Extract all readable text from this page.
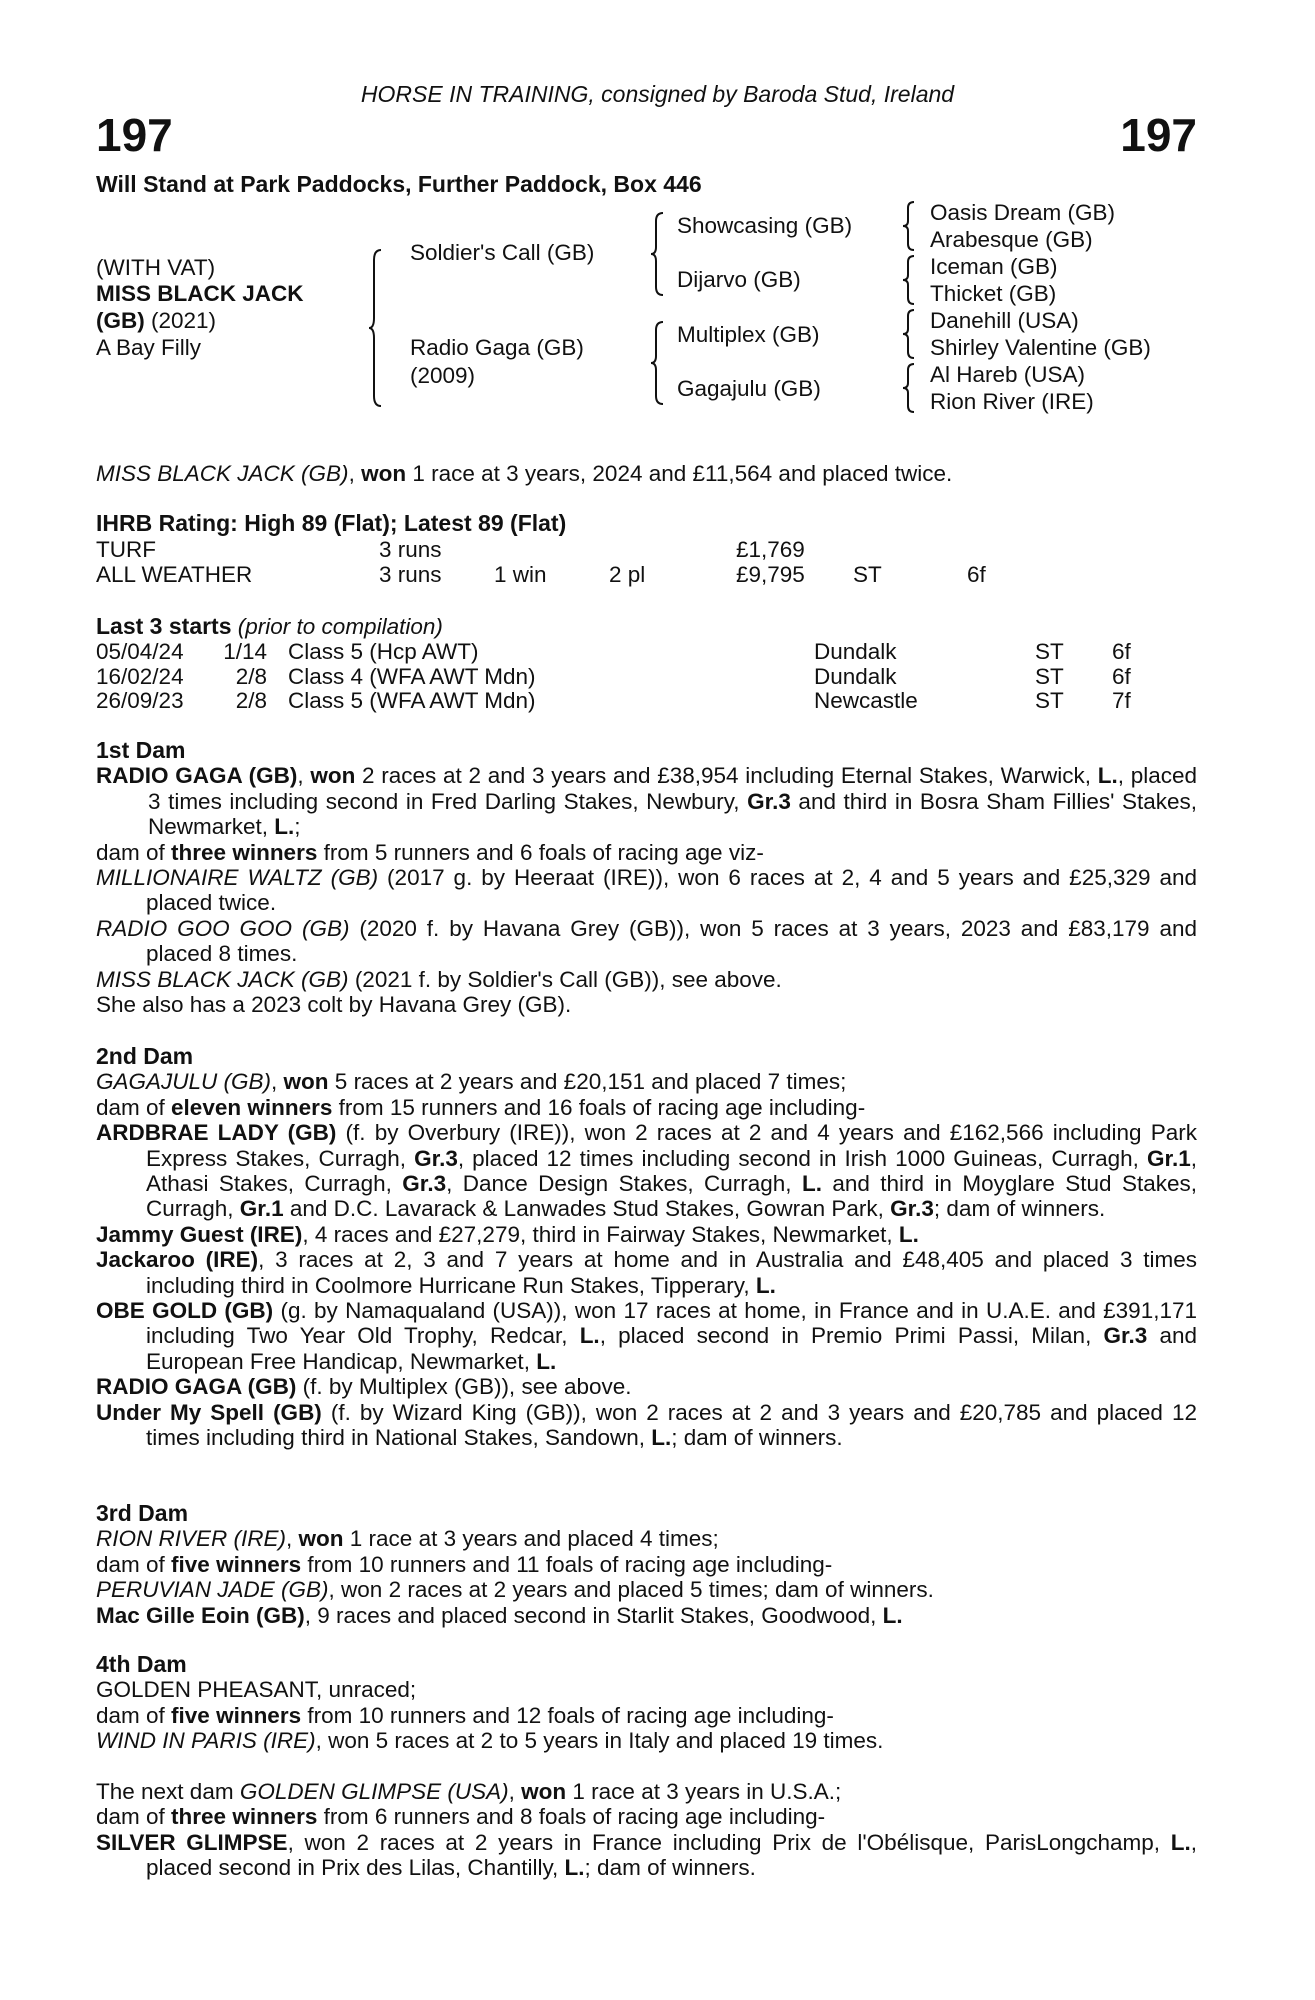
HORSE IN TRAINING, consigned by Baroda Stud, Ireland
197	197
Will Stand at Park Paddocks, Further Paddock, Box 446
(WITH VAT)
MISS BLACK JACK
(GB) (2021)
A Bay Filly
Soldier's Call (GB)
Radio Gaga (GB)
(2009)
Showcasing (GB)
Dijarvo (GB)
Multiplex (GB)
Gagajulu (GB)
Oasis Dream (GB)
Arabesque (GB)
Iceman (GB)
Thicket (GB)
Danehill (USA)
Shirley Valentine (GB)
Al Hareb (USA)
Rion River (IRE)

MISS BLACK JACK (GB), won 1 race at 3 years, 2024 and £11,564 and placed twice.

IHRB Rating: High 89 (Flat); Latest 89 (Flat)
TURF	3 runs	£1,769
ALL WEATHER	3 runs 1 win	2 pl	£9,795 ST	6f
Last 3 starts (prior to compilation)
05/04/24 1/14 Class 5 (Hcp AWT)	Dundalk	ST 6f
16/02/24 2/8 Class 4 (WFA AWT Mdn)	Dundalk	ST 6f
26/09/23 2/8 Class 5 (WFA AWT Mdn)	Newcastle	ST 7f

1st Dam

RADIO GAGA (GB), won 2 races at 2 and 3 years and £38,954 including Eternal Stakes, Warwick, L., placed 3 times including second in Fred Darling Stakes, Newbury, Gr.3 and third in Bosra Sham Fillies' Stakes, Newmarket, L.;

dam of three winners from 5 runners and 6 foals of racing age viz-

MILLIONAIRE WALTZ (GB) (2017 g. by Heeraat (IRE)), won 6 races at 2, 4 and 5 years and £25,329 and placed twice.

RADIO GOO GOO (GB) (2020 f. by Havana Grey (GB)), won 5 races at 3 years, 2023 and £83,179 and placed 8 times.

MISS BLACK JACK (GB) (2021 f. by Soldier's Call (GB)), see above.

She also has a 2023 colt by Havana Grey (GB).

2nd Dam

GAGAJULU (GB), won 5 races at 2 years and £20,151 and placed 7 times;

dam of eleven winners from 15 runners and 16 foals of racing age including-

ARDBRAE LADY (GB) (f. by Overbury (IRE)), won 2 races at 2 and 4 years and £162,566 including Park Express Stakes, Curragh, Gr.3, placed 12 times including second in Irish 1000 Guineas, Curragh, Gr.1, Athasi Stakes, Curragh, Gr.3, Dance Design Stakes, Curragh, L. and third in Moyglare Stud Stakes, Curragh, Gr.1 and D.C. Lavarack & Lanwades Stud Stakes, Gowran Park, Gr.3; dam of winners.

Jammy Guest (IRE), 4 races and £27,279, third in Fairway Stakes, Newmarket, L.

Jackaroo (IRE), 3 races at 2, 3 and 7 years at home and in Australia and £48,405 and placed 3 times including third in Coolmore Hurricane Run Stakes, Tipperary, L.

OBE GOLD (GB) (g. by Namaqualand (USA)), won 17 races at home, in France and in U.A.E. and £391,171 including Two Year Old Trophy, Redcar, L., placed second in Premio Primi Passi, Milan, Gr.3 and European Free Handicap, Newmarket, L.

RADIO GAGA (GB) (f. by Multiplex (GB)), see above.

Under My Spell (GB) (f. by Wizard King (GB)), won 2 races at 2 and 3 years and £20,785 and placed 12 times including third in National Stakes, Sandown, L.; dam of winners.

3rd Dam

RION RIVER (IRE), won 1 race at 3 years and placed 4 times;

dam of five winners from 10 runners and 11 foals of racing age including-

PERUVIAN JADE (GB), won 2 races at 2 years and placed 5 times; dam of winners.

Mac Gille Eoin (GB), 9 races and placed second in Starlit Stakes, Goodwood, L.

4th Dam

GOLDEN PHEASANT, unraced;

dam of five winners from 10 runners and 12 foals of racing age including-

WIND IN PARIS (IRE), won 5 races at 2 to 5 years in Italy and placed 19 times.

The next dam GOLDEN GLIMPSE (USA), won 1 race at 3 years in U.S.A.;

dam of three winners from 6 runners and 8 foals of racing age including-

SILVER GLIMPSE, won 2 races at 2 years in France including Prix de l'Obélisque, ParisLongchamp, L., placed second in Prix des Lilas, Chantilly, L.; dam of winners.
